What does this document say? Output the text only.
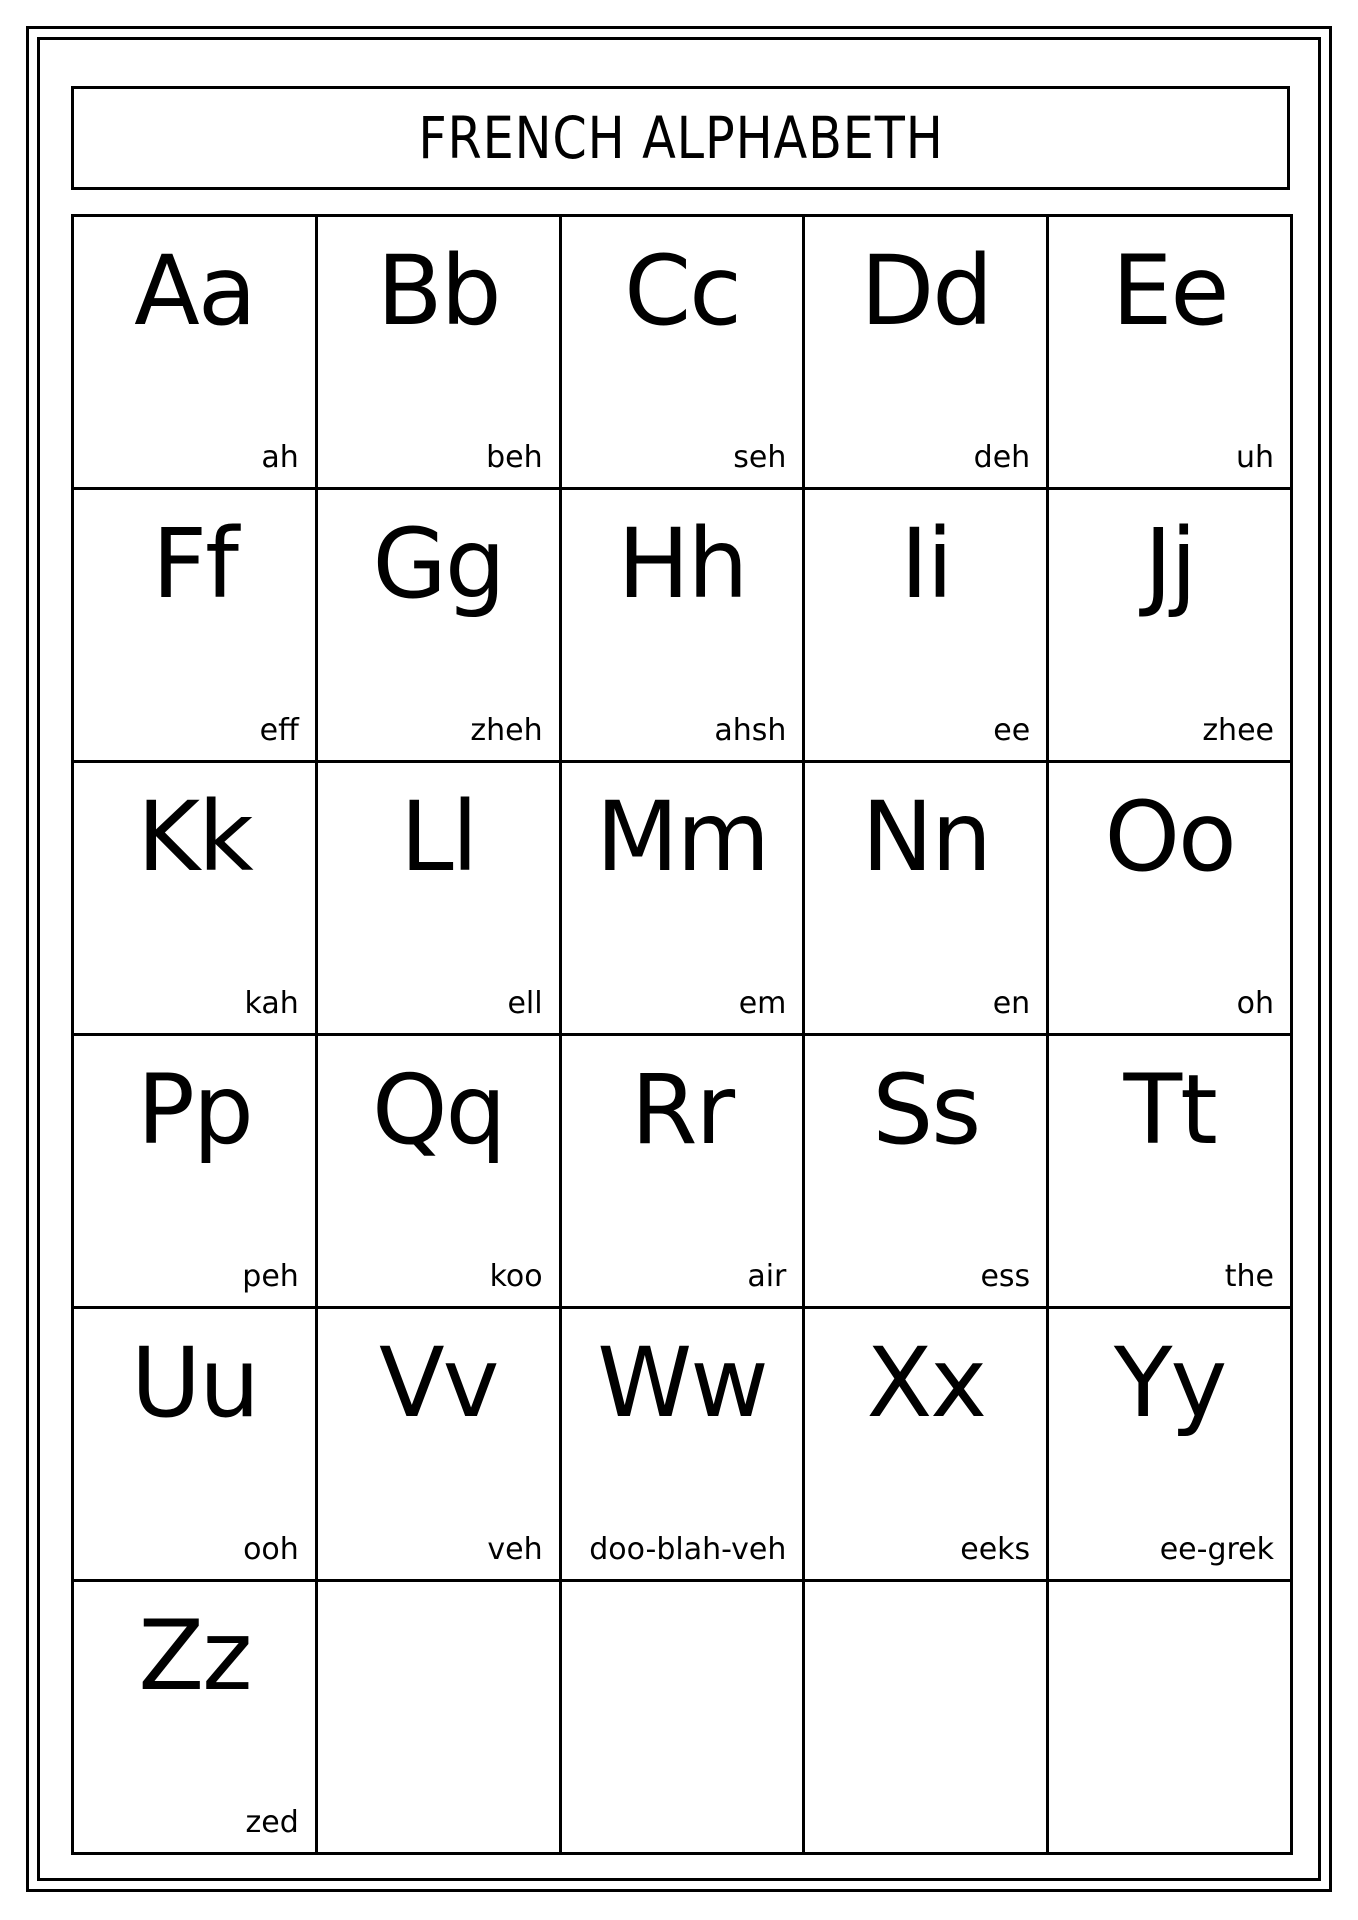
FRENCH ALPHABETH
Aa
ah
Bb
beh
Cc
seh
Dd
deh
Ee
uh
Ff
eff
Gg
zheh
Hh
ahsh
Ii
ee
Jj
zhee
Kk
kah
Ll
ell
Mm
em
Nn
en
Oo
oh
Pp
peh
Qq
koo
Rr
air
Ss
ess
Tt
the
Uu
ooh
Vv
veh
Ww
doo-blah-veh
Xx
eeks
Yy
ee-grek
Zz
zed
